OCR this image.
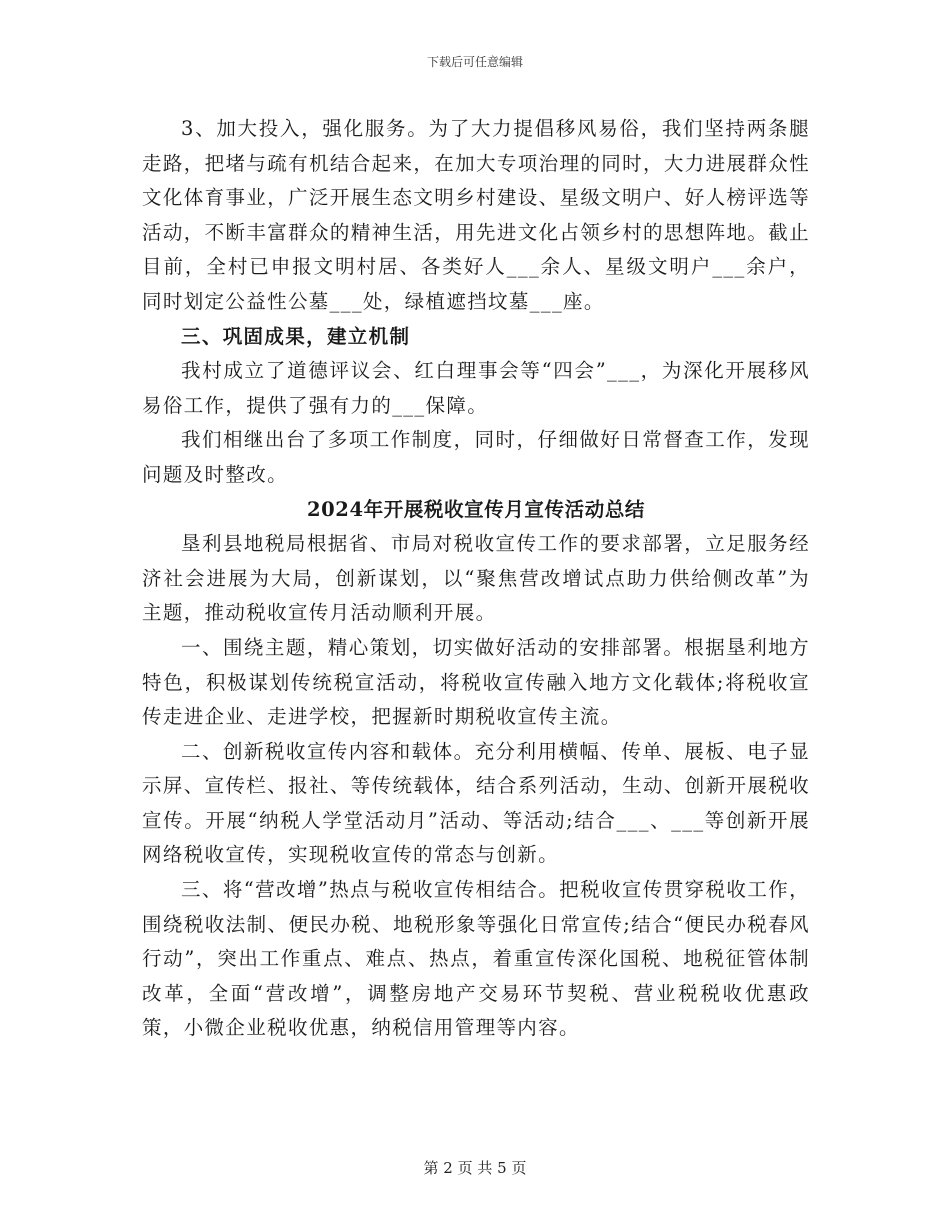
下载后可任意编辑

3、加大投入，强化服务。为了大力提倡移风易俗，我们坚持两条腿走路，把堵与疏有机结合起来，在加大专项治理的同时，大力进展群众性文化体育事业，广泛开展生态文明乡村建设、星级文明户、好人榜评选等活动，不断丰富群众的精神生活，用先进文化占领乡村的思想阵地。截止目前，全村已申报文明村居、各类好人___余人、星级文明户___余户，同时划定公益性公墓___处，绿植遮挡坟墓___座。

三、巩固成果，建立机制

我村成立了道德评议会、红白理事会等“四会”___，为深化开展移风易俗工作，提供了强有力的___保障。

我们相继出台了多项工作制度，同时，仔细做好日常督查工作，发现问题及时整改。

2024年开展税收宣传月宣传活动总结

垦利县地税局根据省、市局对税收宣传工作的要求部署，立足服务经济社会进展为大局，创新谋划，以“聚焦营改增试点助力供给侧改革”为主题，推动税收宣传月活动顺利开展。

一、围绕主题，精心策划，切实做好活动的安排部署。根据垦利地方特色，积极谋划传统税宣活动，将税收宣传融入地方文化载体;将税收宣传走进企业、走进学校，把握新时期税收宣传主流。

二、创新税收宣传内容和载体。充分利用横幅、传单、展板、电子显示屏、宣传栏、报社、等传统载体，结合系列活动，生动、创新开展税收宣传。开展“纳税人学堂活动月”活动、等活动;结合___、___等创新开展网络税收宣传，实现税收宣传的常态与创新。

三、将“营改增”热点与税收宣传相结合。把税收宣传贯穿税收工作，围绕税收法制、便民办税、地税形象等强化日常宣传;结合“便民办税春风行动”，突出工作重点、难点、热点，着重宣传深化国税、地税征管体制改革，全面“营改增”，调整房地产交易环节契税、营业税税收优惠政策，小微企业税收优惠，纳税信用管理等内容。

第 2 页 共 5 页
